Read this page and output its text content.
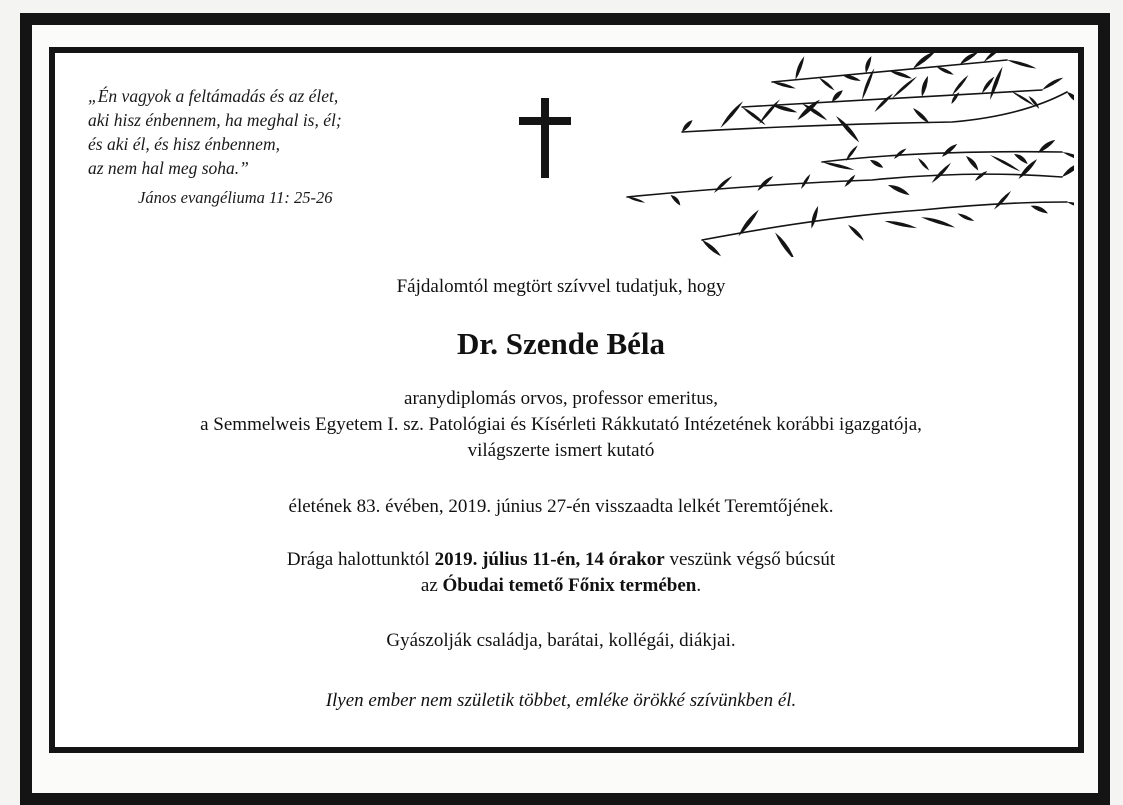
„Én vagyok a feltámadás és az élet,
aki hisz énbennem, ha meghal is, él;
és aki él, és hisz énbennem,
az nem hal meg soha.”
János evangéliuma 11: 25-26
Fájdalomtól megtört szívvel tudatjuk, hogy
Dr. Szende Béla
aranydiplomás orvos, professor emeritus,
a Semmelweis Egyetem I. sz. Patológiai és Kísérleti Rákkutató Intézetének korábbi igazgatója,
világszerte ismert kutató
életének 83. évében, 2019. június 27-én visszaadta lelkét Teremtőjének.
Drága halottunktól 2019. július 11-én, 14 órakor veszünk végső búcsút
az Óbudai temető Főnix termében.
Gyászolják családja, barátai, kollégái, diákjai.
Ilyen ember nem születik többet, emléke örökké szívünkben él.
